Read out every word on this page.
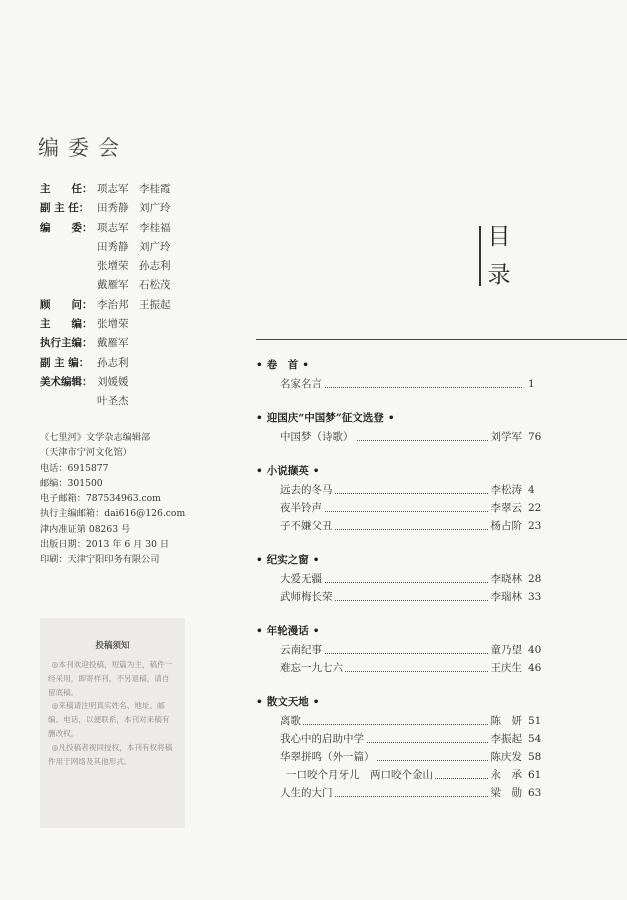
编委会
主　　任： 项志军　李桂霞
副 主 任： 田秀静　刘广玲
编　　委： 项志军　李桂福
田秀静　刘广玲
张增荣　孙志利
戴雁军　石松茂
顾　　问： 李治邦　王振起
主　　编： 张增荣
执行主编： 戴雁军
副 主 编： 孙志利
美术编辑： 刘媛媛
叶圣杰
《七里河》文学杂志编辑部
（天津市宁河文化馆）
电话：6915877
邮编：301500
电子邮箱：787534963.com
执行主编邮箱：dai616@126.com
津内准证第 08263 号
出版日期：2013 年 6 月 30 日
印刷：天津宁阳印务有限公司
投稿须知

◎本刊欢迎投稿，短篇为主，稿件一经采用，即寄样刊，不另退稿，请自留底稿。

◎来稿请注明真实姓名、地址、邮编、电话，以便联系，本刊对来稿有删改权。

◎凡投稿者视同授权，本刊有权将稿件用于网络及其他形式。

目
录
• 卷　首 •
名家名言	1
• 迎国庆“中国梦”征文选登 •
中国梦（诗歌）	刘学军 76
• 小说撷英 •
远去的冬马	李松涛 4
夜半铃声	李翠云 22
子不嫌父丑	杨占阶 23
• 纪实之窗 •
大爱无疆	李晓林 28
武师梅长荣	李瑞林 33
• 年轮漫话 •
云南纪事	童乃望 40
难忘一九七六	王庆生 46
• 散文天地 •
离歌	陈　妍 51
我心中的启助中学	李振起 54
华翠拼鸣（外一篇）	陈庆发 58
一口咬个月牙儿　两口咬个金山	永　承 61
人生的大门	梁　勋 63
